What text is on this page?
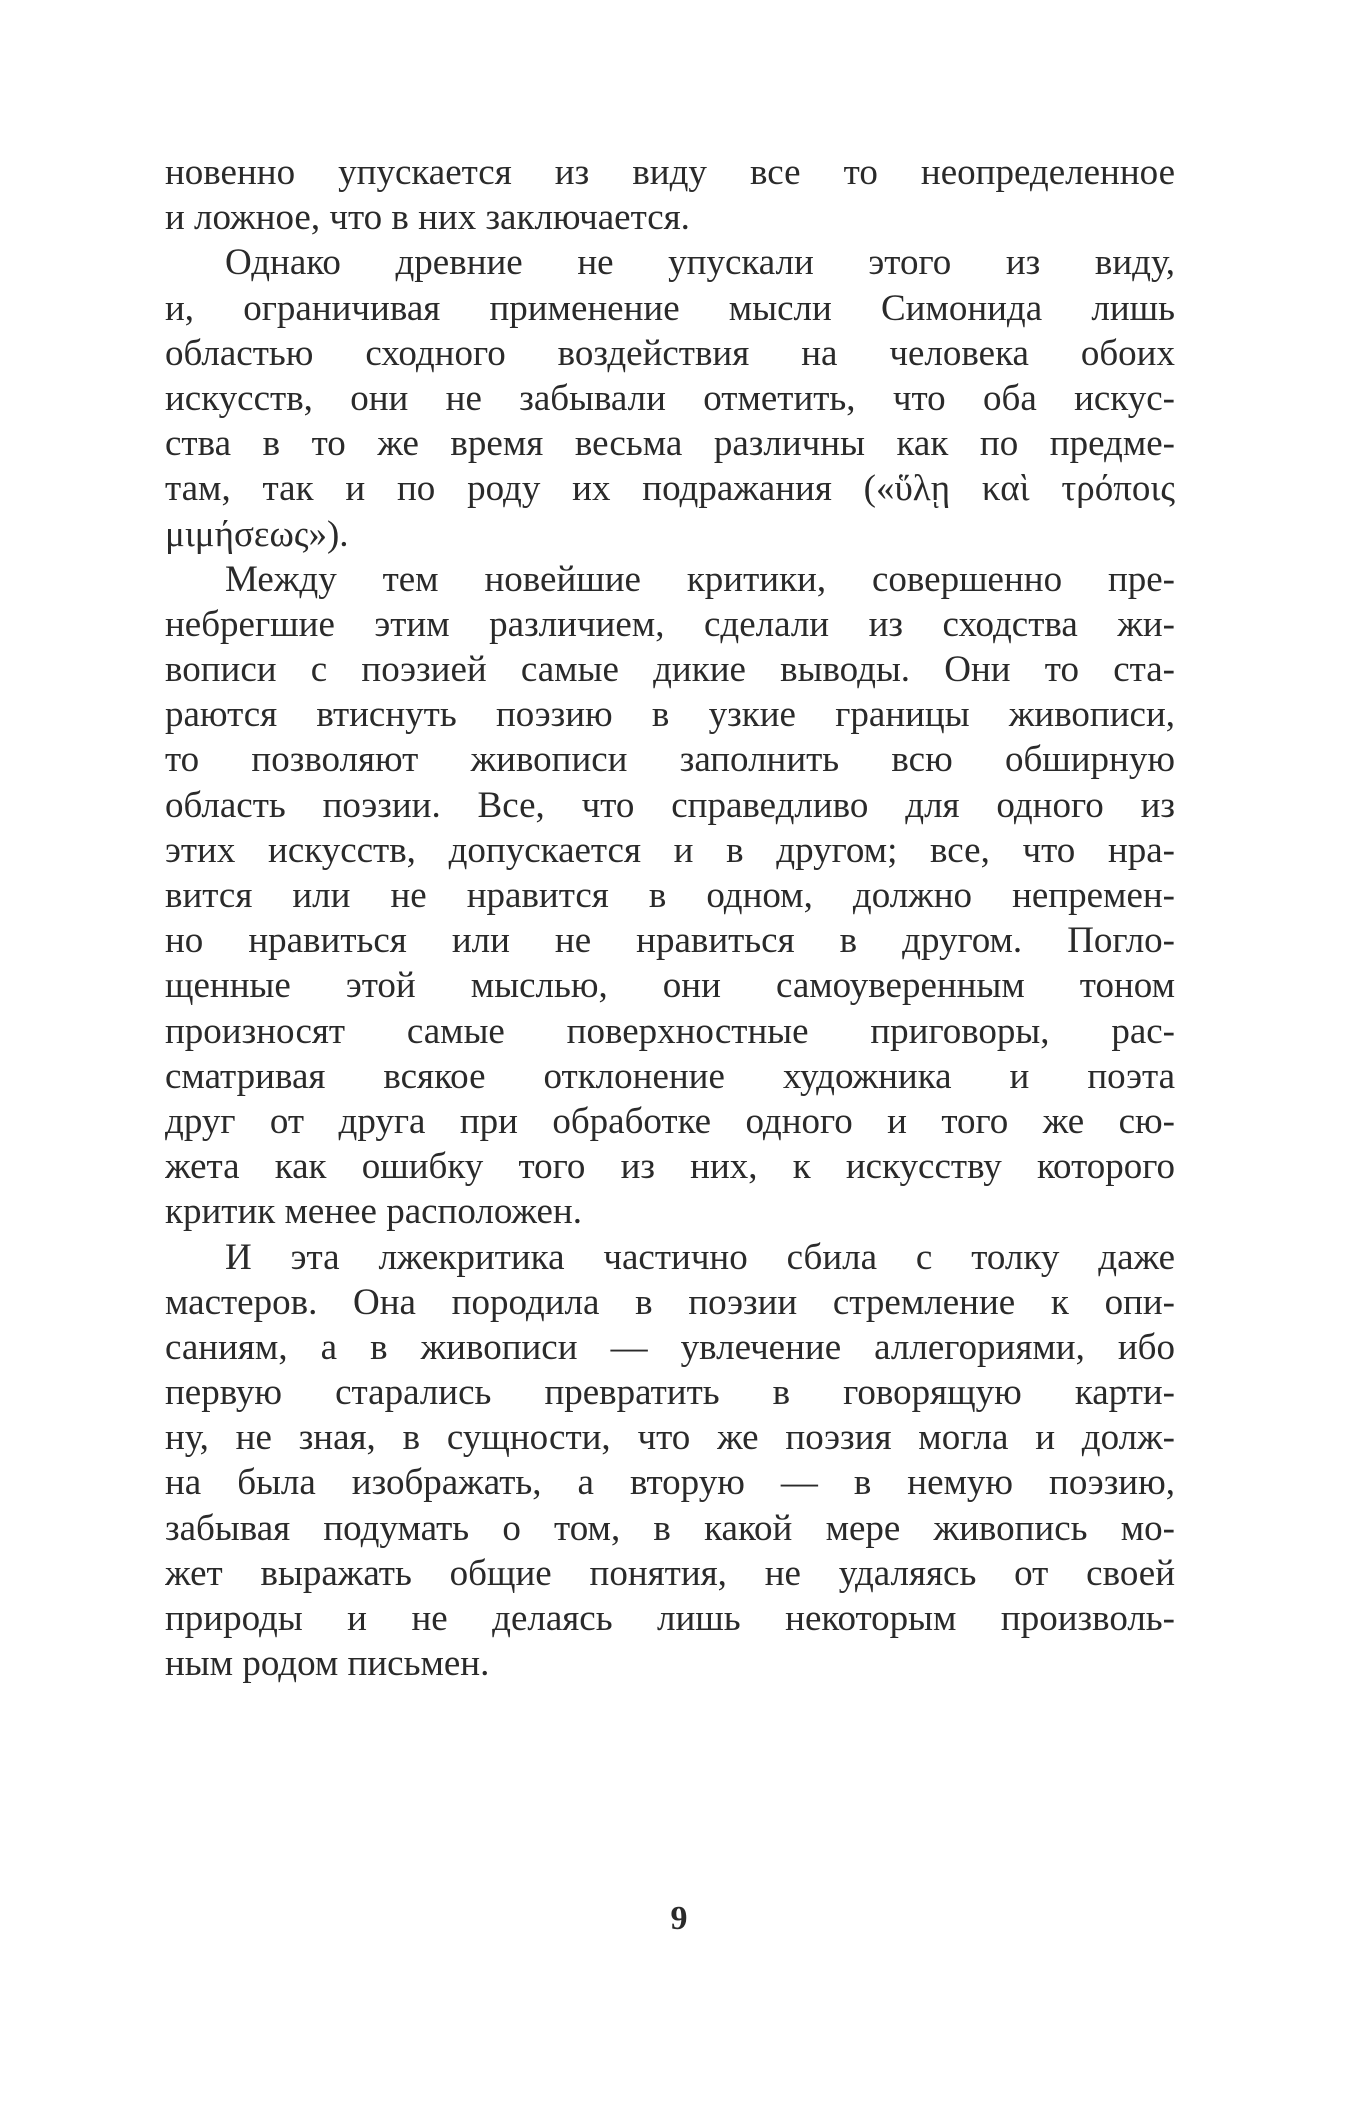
новенно упускается из виду все то неопределенное
и ложное, что в них заключается.
Однако древние не упускали этого из виду,
и, ограничивая применение мысли Симонида лишь
областью сходного воздействия на человека обоих
искусств, они не забывали отметить, что оба искус-
ства в то же время весьма различны как по предме-
там, так и по роду их подражания («ὕλῃ καὶ τρόποις
μιμήσεως»).
Между тем новейшие критики, совершенно пре-
небрегшие этим различием, сделали из сходства жи-
вописи с поэзией самые дикие выводы. Они то ста-
раются втиснуть поэзию в узкие границы живописи,
то позволяют живописи заполнить всю обширную
область поэзии. Все, что справедливо для одного из
этих искусств, допускается и в другом; все, что нра-
вится или не нравится в одном, должно непремен-
но нравиться или не нравиться в другом. Погло-
щенные этой мыслью, они самоуверенным тоном
произносят самые поверхностные приговоры, рас-
сматривая всякое отклонение художника и поэта
друг от друга при обработке одного и того же сю-
жета как ошибку того из них, к искусству которого
критик менее расположен.
И эта лжекритика частично сбила с толку даже
мастеров. Она породила в поэзии стремление к опи-
саниям, а в живописи — увлечение аллегориями, ибо
первую старались превратить в говорящую карти-
ну, не зная, в сущности, что же поэзия могла и долж-
на была изображать, а вторую — в немую поэзию,
забывая подумать о том, в какой мере живопись мо-
жет выражать общие понятия, не удаляясь от своей
природы и не делаясь лишь некоторым произволь-
ным родом письмен.
9
